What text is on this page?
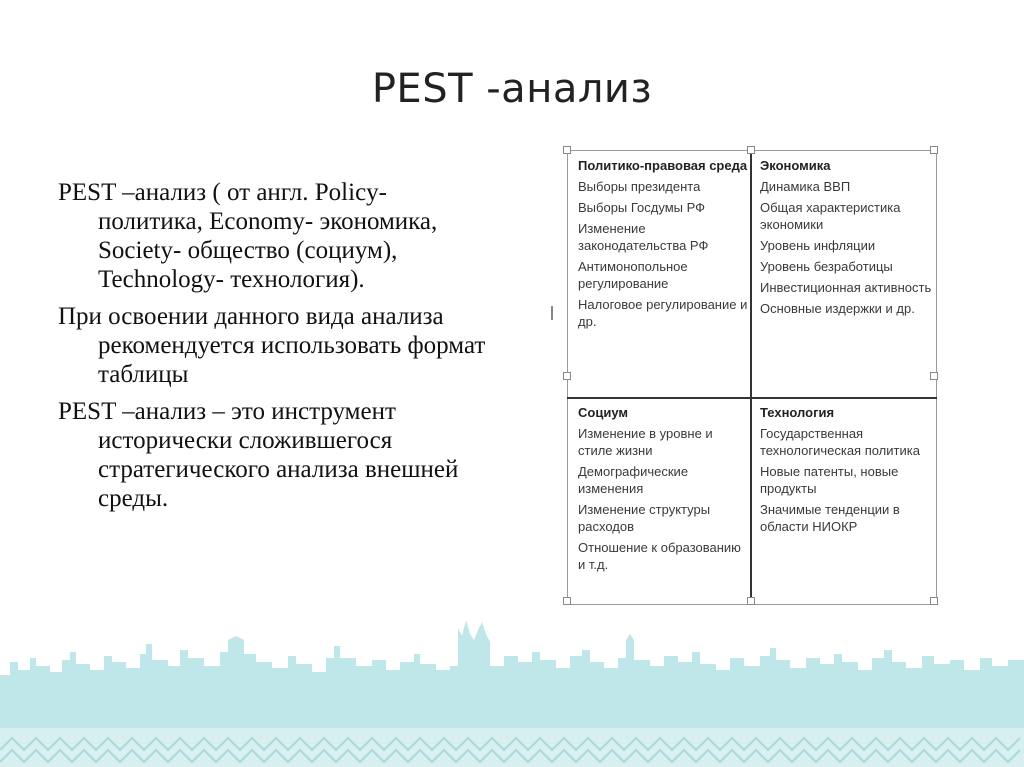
PEST -анализ

PEST –анализ ( от англ. Policy- политика, Economy- экономика, Society- общество (социум), Technology- технология).

При освоении данного вида анализа рекомендуется использовать формат таблицы

PEST –анализ – это инструмент исторически сложившегося стратегического анализа внешней среды.

Политико-правовая среда
Выборы президента
Выборы Госдумы РФ
Изменение законодательства РФ
Антимонопольное регулирование
Налоговое регулирование и др.
Экономика
Динамика ВВП
Общая характеристика экономики
Уровень инфляции
Уровень безработицы
Инвестиционная активность
Основные издержки и др.
Социум
Изменение в уровне и стиле жизни
Демографические изменения
Изменение структуры расходов
Отношение к образованию и т.д.
Технология
Государственная технологическая политика
Новые патенты, новые продукты
Значимые тенденции в области НИОКР
